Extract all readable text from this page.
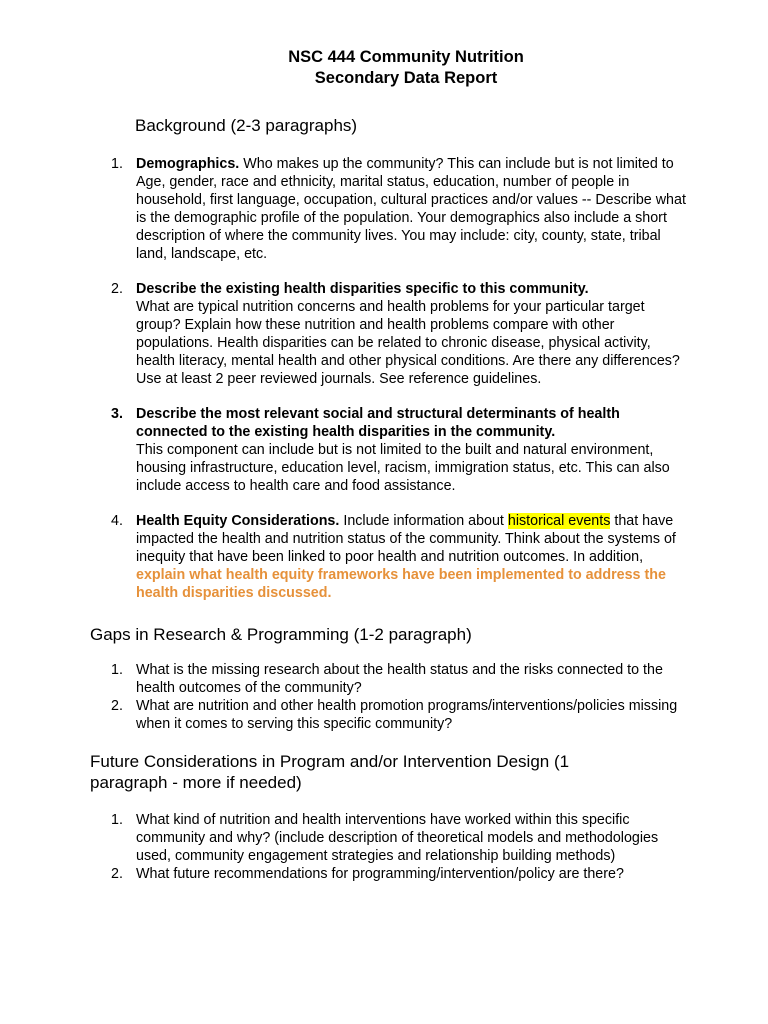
NSC 444 Community Nutrition
Secondary Data Report
Background (2-3 paragraphs)
1. Demographics. Who makes up the community? This can include but is not limited to Age, gender, race and ethnicity, marital status, education, number of people in household, first language, occupation, cultural practices and/or values -- Describe what is the demographic profile of the population. Your demographics also include a short description of where the community lives. You may include: city, county, state, tribal land, landscape, etc.
2. Describe the existing health disparities specific to this community.
What are typical nutrition concerns and health problems for your particular target group? Explain how these nutrition and health problems compare with other populations. Health disparities can be related to chronic disease, physical activity, health literacy, mental health and other physical conditions. Are there any differences? Use at least 2 peer reviewed journals. See reference guidelines.
3. Describe the most relevant social and structural determinants of health connected to the existing health disparities in the community.
This component can include but is not limited to the built and natural environment, housing infrastructure, education level, racism, immigration status, etc. This can also include access to health care and food assistance.
4. Health Equity Considerations. Include information about historical events that have impacted the health and nutrition status of the community. Think about the systems of inequity that have been linked to poor health and nutrition outcomes. In addition, explain what health equity frameworks have been implemented to address the health disparities discussed.
Gaps in Research & Programming (1-2 paragraph)
1. What is the missing research about the health status and the risks connected to the health outcomes of the community?
2. What are nutrition and other health promotion programs/interventions/policies missing when it comes to serving this specific community?
Future Considerations in Program and/or Intervention Design (1 paragraph - more if needed)
1. What kind of nutrition and health interventions have worked within this specific community and why? (include description of theoretical models and methodologies used, community engagement strategies and relationship building methods)
2. What future recommendations for programming/intervention/policy are there?
